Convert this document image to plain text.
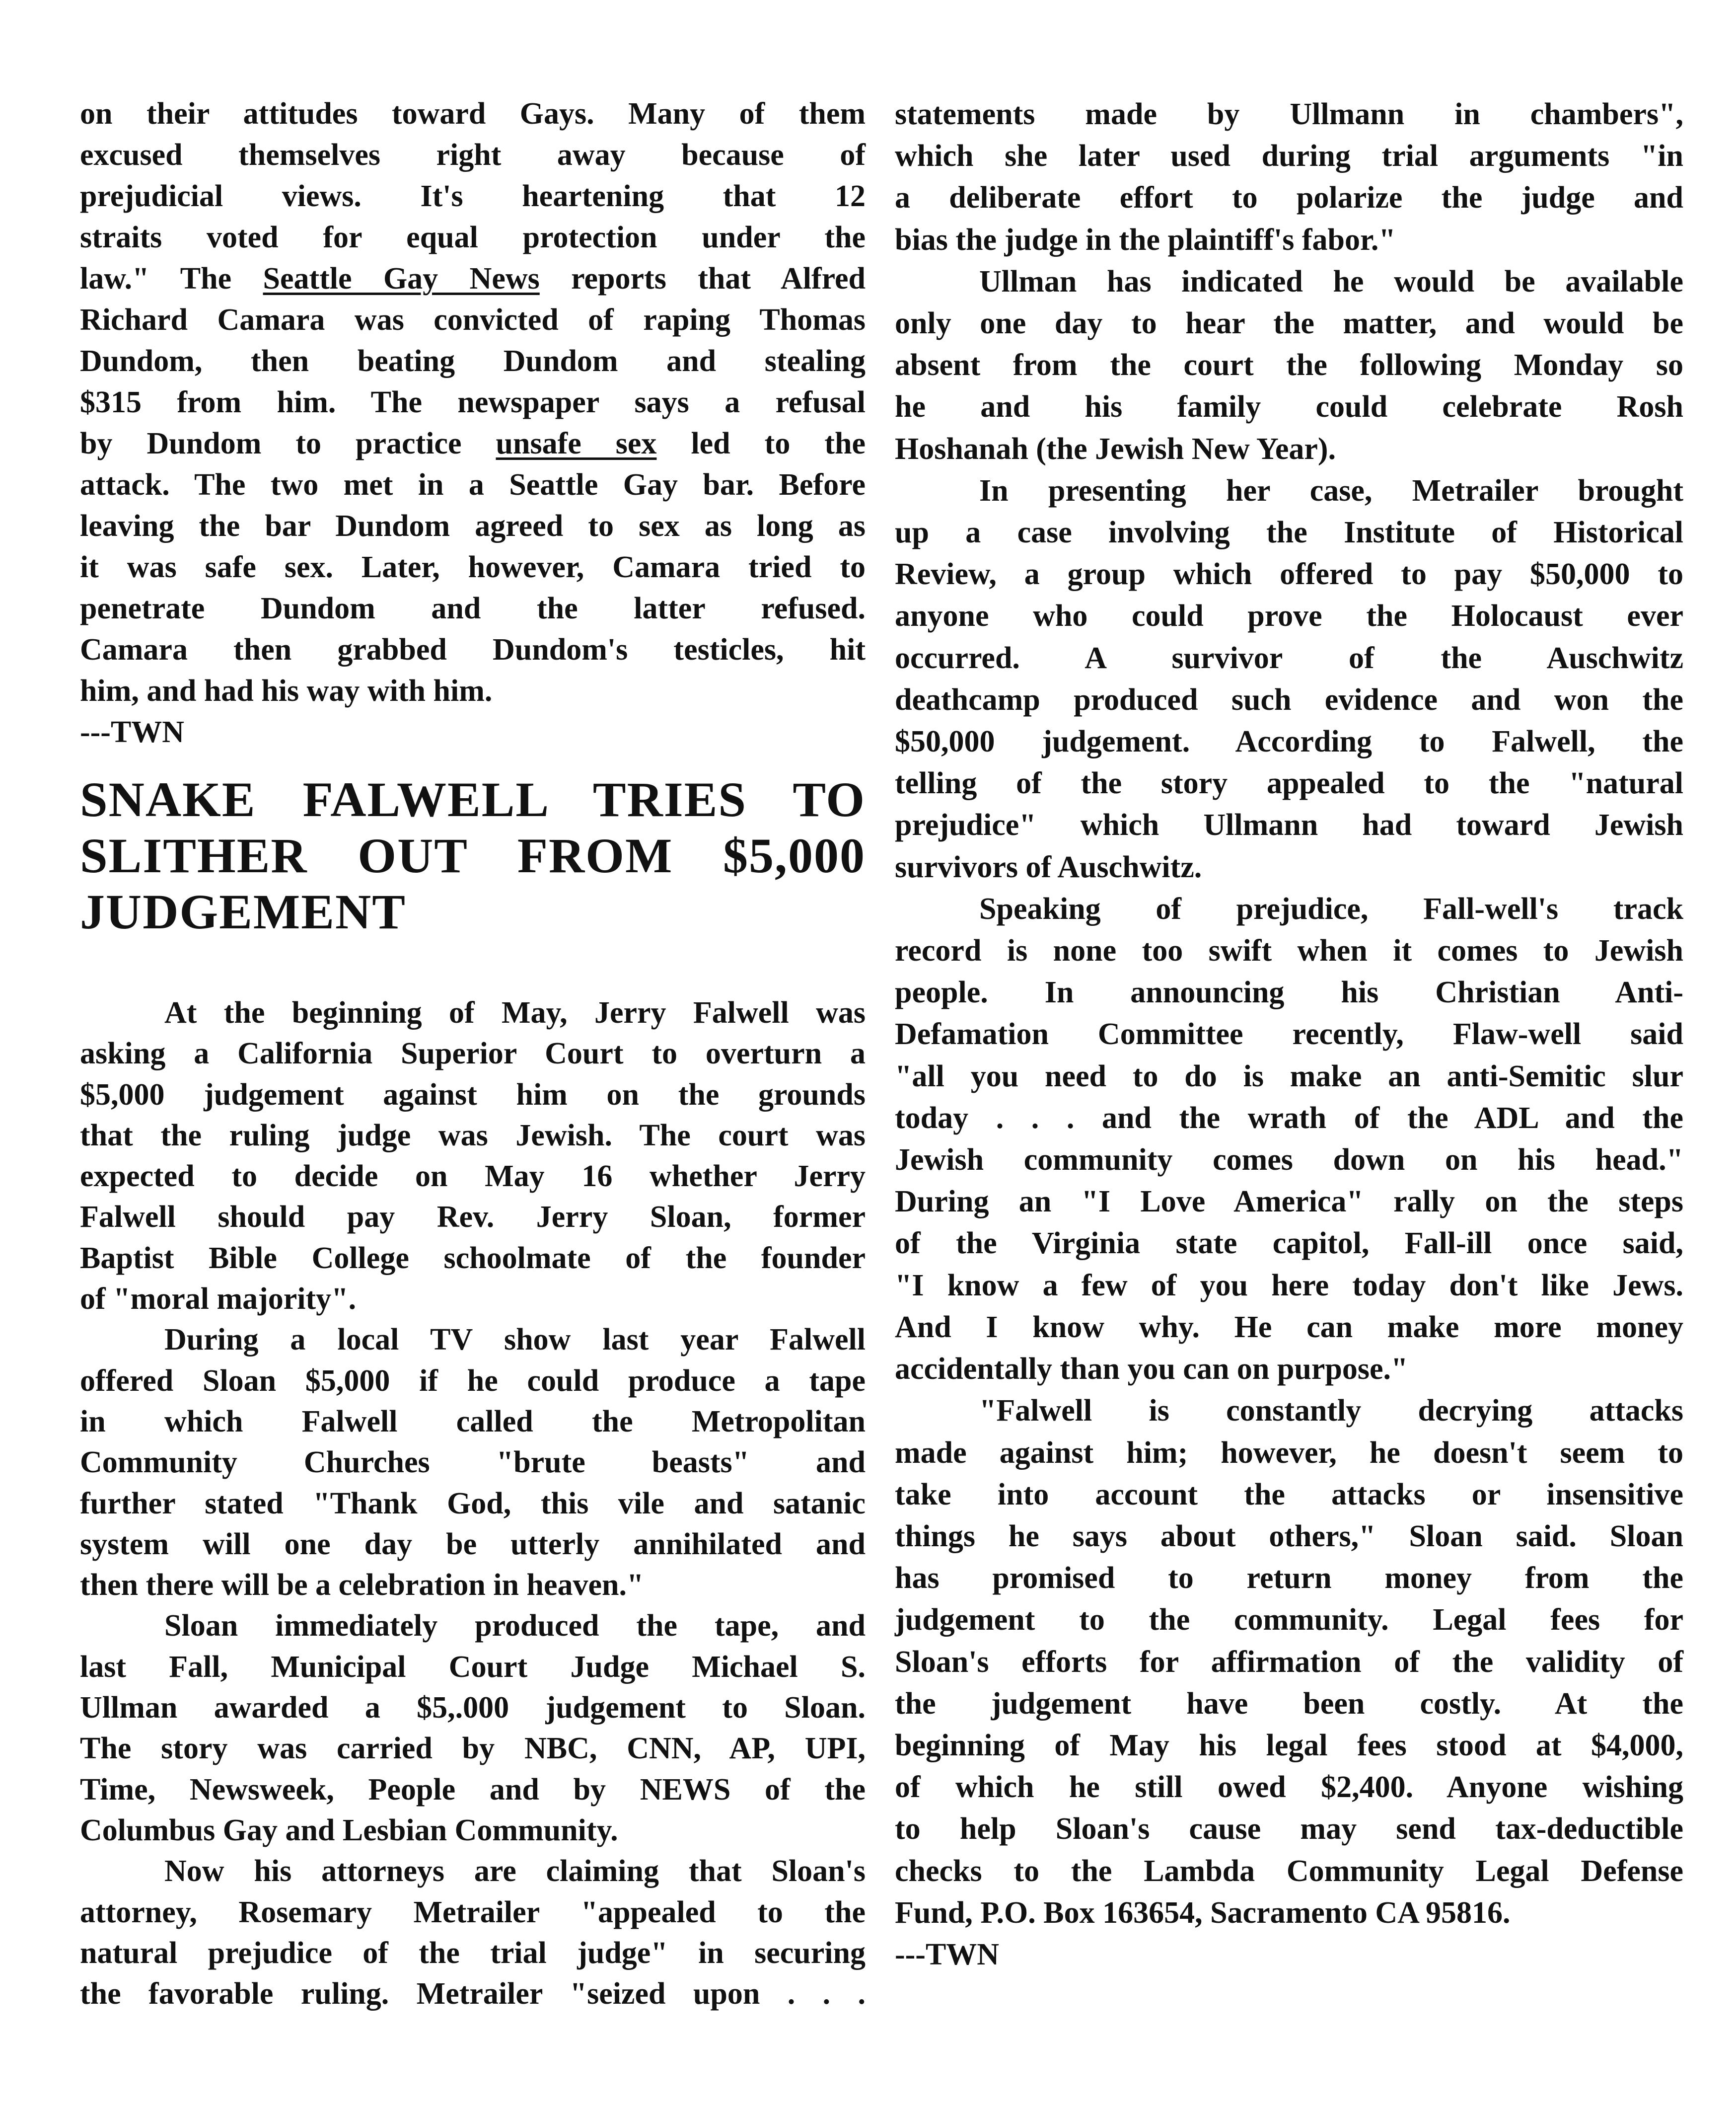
on their attitudes toward Gays. Many of them
excused themselves right away because of
prejudicial views. It's heartening that 12
straits voted for equal protection under the
law." The Seattle Gay News reports that Alfred
Richard Camara was convicted of raping Thomas
Dundom, then beating Dundom and stealing
$315 from him. The newspaper says a refusal
by Dundom to practice unsafe sex led to the
attack. The two met in a Seattle Gay bar. Before
leaving the bar Dundom agreed to sex as long as
it was safe sex. Later, however, Camara tried to
penetrate Dundom and the latter refused.
Camara then grabbed Dundom's testicles, hit
him, and had his way with him.
---TWN
SNAKE FALWELL TRIES TO
SLITHER OUT FROM $5,000
JUDGEMENT
At the beginning of May, Jerry Falwell was
asking a California Superior Court to overturn a
$5,000 judgement against him on the grounds
that the ruling judge was Jewish. The court was
expected to decide on May 16 whether Jerry
Falwell should pay Rev. Jerry Sloan, former
Baptist Bible College schoolmate of the founder
of "moral majority".
During a local TV show last year Falwell
offered Sloan $5,000 if he could produce a tape
in which Falwell called the Metropolitan
Community Churches "brute beasts" and
further stated "Thank God, this vile and satanic
system will one day be utterly annihilated and
then there will be a celebration in heaven."
Sloan immediately produced the tape, and
last Fall, Municipal Court Judge Michael S.
Ullman awarded a $5,.000 judgement to Sloan.
The story was carried by NBC, CNN, AP, UPI,
Time, Newsweek, People and by NEWS of the
Columbus Gay and Lesbian Community.
Now his attorneys are claiming that Sloan's
attorney, Rosemary Metrailer "appealed to the
natural prejudice of the trial judge" in securing
the favorable ruling. Metrailer "seized upon . . .
statements made by Ullmann in chambers",
which she later used during trial arguments "in
a deliberate effort to polarize the judge and
bias the judge in the plaintiff's fabor."
Ullman has indicated he would be available
only one day to hear the matter, and would be
absent from the court the following Monday so
he and his family could celebrate Rosh
Hoshanah (the Jewish New Year).
In presenting her case, Metrailer brought
up a case involving the Institute of Historical
Review, a group which offered to pay $50,000 to
anyone who could prove the Holocaust ever
occurred. A survivor of the Auschwitz
deathcamp produced such evidence and won the
$50,000 judgement. According to Falwell, the
telling of the story appealed to the "natural
prejudice" which Ullmann had toward Jewish
survivors of Auschwitz.
Speaking of prejudice, Fall-well's track
record is none too swift when it comes to Jewish
people. In announcing his Christian Anti-
Defamation Committee recently, Flaw-well said
"all you need to do is make an anti-Semitic slur
today . . . and the wrath of the ADL and the
Jewish community comes down on his head."
During an "I Love America" rally on the steps
of the Virginia state capitol, Fall-ill once said,
"I know a few of you here today don't like Jews.
And I know why. He can make more money
accidentally than you can on purpose."
"Falwell is constantly decrying attacks
made against him; however, he doesn't seem to
take into account the attacks or insensitive
things he says about others," Sloan said. Sloan
has promised to return money from the
judgement to the community. Legal fees for
Sloan's efforts for affirmation of the validity of
the judgement have been costly. At the
beginning of May his legal fees stood at $4,000,
of which he still owed $2,400. Anyone wishing
to help Sloan's cause may send tax-deductible
checks to the Lambda Community Legal Defense
Fund, P.O. Box 163654, Sacramento CA 95816.
---TWN
